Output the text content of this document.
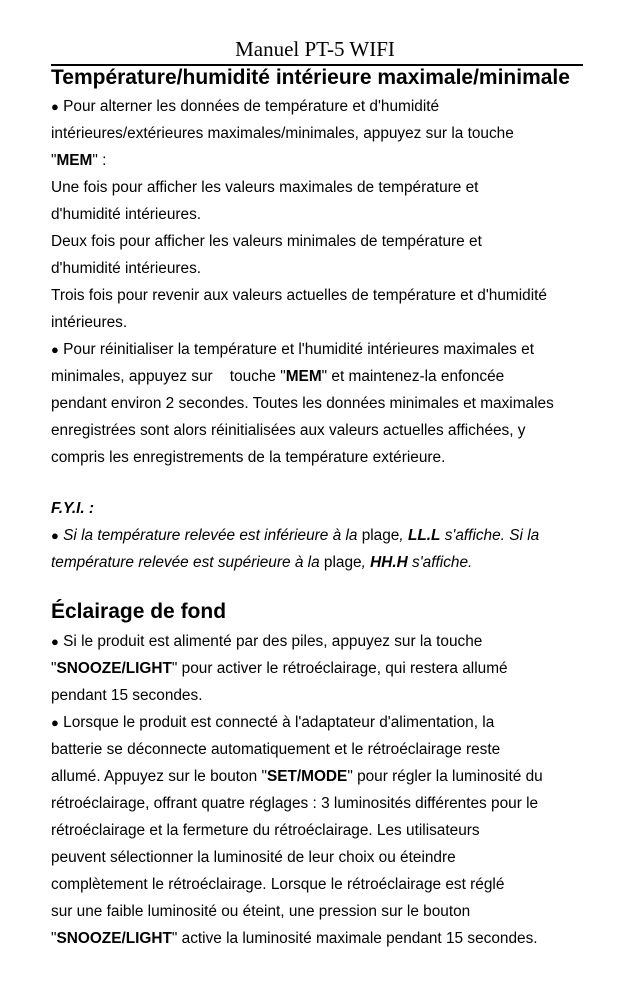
Manuel PT-5 WIFI
Température/humidité intérieure maximale/minimale
● Pour alterner les données de température et d'humidité
intérieures/extérieures maximales/minimales, appuyez sur la touche
"MEM" :
Une fois pour afficher les valeurs maximales de température et
d'humidité intérieures.
Deux fois pour afficher les valeurs minimales de température et
d'humidité intérieures.
Trois fois pour revenir aux valeurs actuelles de température et d'humidité
intérieures.
● Pour réinitialiser la température et l'humidité intérieures maximales et
minimales, appuyez sur    touche "MEM" et maintenez-la enfoncée
pendant environ 2 secondes. Toutes les données minimales et maximales
enregistrées sont alors réinitialisées aux valeurs actuelles affichées, y
compris les enregistrements de la température extérieure.
F.Y.I. :
● Si la température relevée est inférieure à la plage, LL.L s'affiche. Si la
température relevée est supérieure à la plage, HH.H s'affiche.
Éclairage de fond
● Si le produit est alimenté par des piles, appuyez sur la touche
"SNOOZE/LIGHT" pour activer le rétroéclairage, qui restera allumé
pendant 15 secondes.
● Lorsque le produit est connecté à l'adaptateur d'alimentation, la
batterie se déconnecte automatiquement et le rétroéclairage reste
allumé. Appuyez sur le bouton "SET/MODE" pour régler la luminosité du
rétroéclairage, offrant quatre réglages : 3 luminosités différentes pour le
rétroéclairage et la fermeture du rétroéclairage. Les utilisateurs
peuvent sélectionner la luminosité de leur choix ou éteindre
complètement le rétroéclairage. Lorsque le rétroéclairage est réglé
sur une faible luminosité ou éteint, une pression sur le bouton
"SNOOZE/LIGHT" active la luminosité maximale pendant 15 secondes.
